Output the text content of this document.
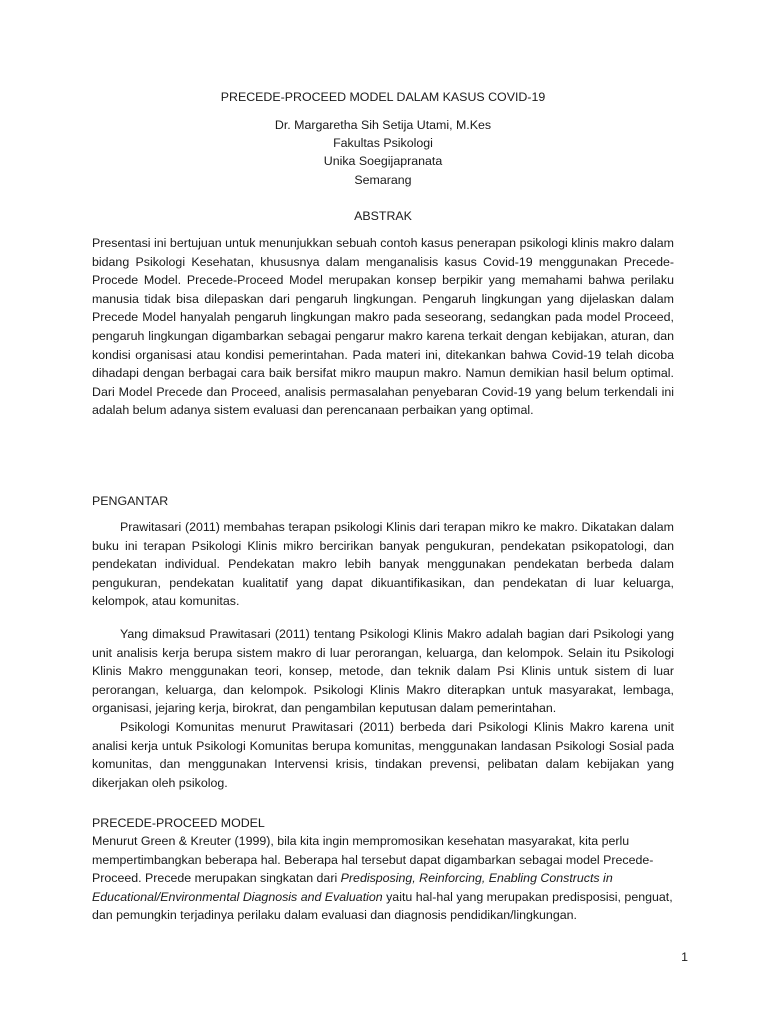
PRECEDE-PROCEED MODEL DALAM KASUS COVID-19
Dr. Margaretha Sih Setija Utami, M.Kes
Fakultas Psikologi
Unika Soegijapranata
Semarang
ABSTRAK

Presentasi ini bertujuan untuk menunjukkan sebuah contoh kasus penerapan psikologi klinis makro dalam bidang Psikologi Kesehatan, khususnya dalam menganalisis kasus Covid-19 menggunakan Precede-Procede Model. Precede-Proceed Model merupakan konsep berpikir yang memahami bahwa perilaku manusia tidak bisa dilepaskan dari pengaruh lingkungan. Pengaruh lingkungan yang dijelaskan dalam Precede Model hanyalah pengaruh lingkungan makro pada seseorang, sedangkan pada model Proceed, pengaruh lingkungan digambarkan sebagai pengarur makro karena terkait dengan kebijakan, aturan, dan kondisi organisasi atau kondisi pemerintahan. Pada materi ini, ditekankan bahwa Covid-19 telah dicoba dihadapi dengan berbagai cara baik bersifat mikro maupun makro. Namun demikian hasil belum optimal. Dari Model Precede dan Proceed, analisis permasalahan penyebaran Covid-19 yang belum terkendali ini adalah belum adanya sistem evaluasi dan perencanaan perbaikan yang optimal.

PENGANTAR

Prawitasari (2011) membahas terapan psikologi Klinis dari terapan mikro ke makro. Dikatakan dalam buku ini terapan Psikologi Klinis mikro bercirikan banyak pengukuran, pendekatan psikopatologi, dan pendekatan individual. Pendekatan makro lebih banyak menggunakan pendekatan berbeda dalam pengukuran, pendekatan kualitatif yang dapat dikuantifikasikan, dan pendekatan di luar keluarga, kelompok, atau komunitas.

Yang dimaksud Prawitasari (2011) tentang Psikologi Klinis Makro adalah bagian dari Psikologi yang unit analisis kerja berupa sistem makro di luar perorangan, keluarga, dan kelompok. Selain itu Psikologi Klinis Makro menggunakan teori, konsep, metode, dan teknik dalam Psi Klinis untuk sistem di luar perorangan, keluarga, dan kelompok. Psikologi Klinis Makro diterapkan untuk masyarakat, lembaga, organisasi, jejaring kerja, birokrat, dan pengambilan keputusan dalam pemerintahan.

Psikologi Komunitas menurut Prawitasari (2011) berbeda dari Psikologi Klinis Makro karena unit analisi kerja untuk Psikologi Komunitas berupa komunitas, menggunakan landasan Psikologi Sosial pada komunitas, dan menggunakan Intervensi krisis, tindakan prevensi, pelibatan dalam kebijakan yang dikerjakan oleh psikolog.

PRECEDE-PROCEED MODEL

Menurut Green & Kreuter (1999), bila kita ingin mempromosikan kesehatan masyarakat, kita perlu mempertimbangkan beberapa hal. Beberapa hal tersebut dapat digambarkan sebagai model Precede-Proceed. Precede merupakan singkatan dari Predisposing, Reinforcing, Enabling Constructs in Educational/Environmental Diagnosis and Evaluation yaitu hal-hal yang merupakan predisposisi, penguat, dan pemungkin terjadinya perilaku dalam evaluasi dan diagnosis pendidikan/lingkungan.

1
